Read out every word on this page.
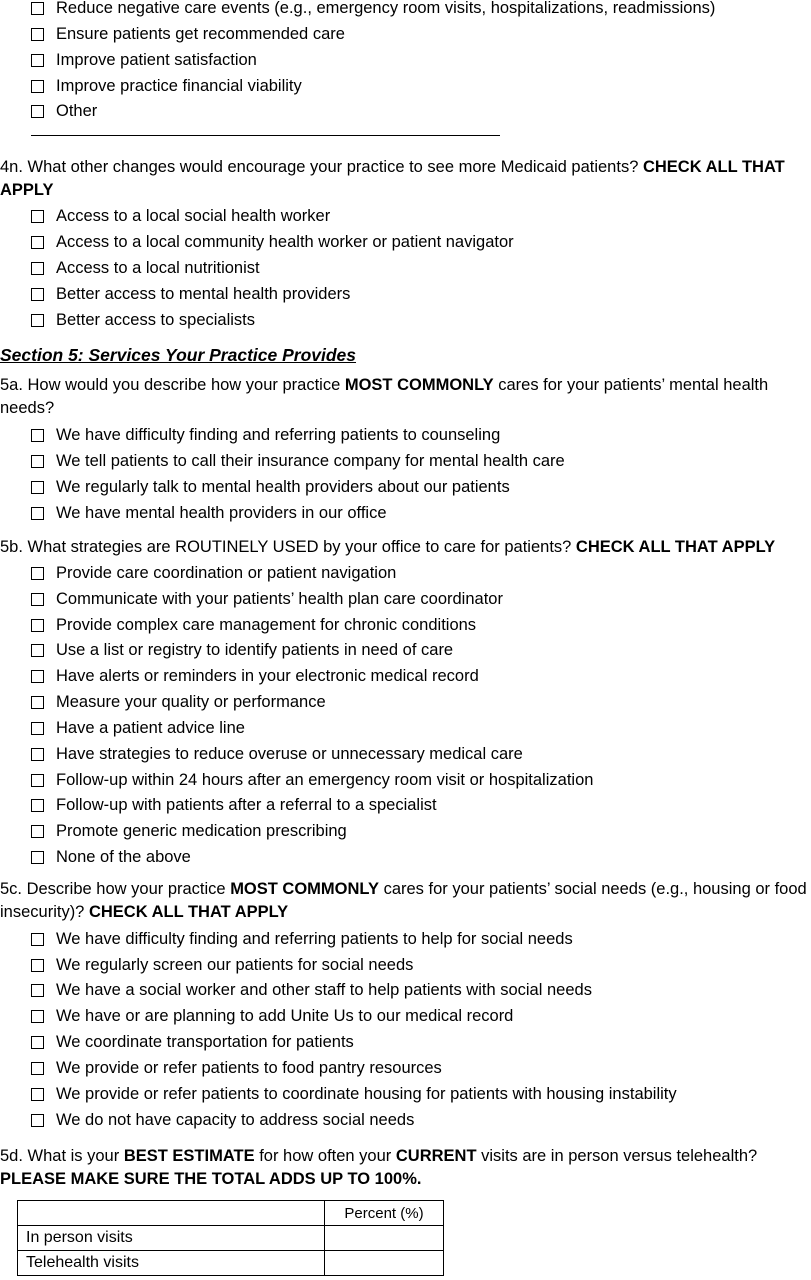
Reduce negative care events (e.g., emergency room visits, hospitalizations, readmissions)
Ensure patients get recommended care
Improve patient satisfaction
Improve practice financial viability
Other

4n. What other changes would encourage your practice to see more Medicaid patients? CHECK ALL THAT APPLY

Access to a local social health worker
Access to a local community health worker or patient navigator
Access to a local nutritionist
Better access to mental health providers
Better access to specialists
Section 5: Services Your Practice Provides

5a. How would you describe how your practice MOST COMMONLY cares for your patients’ mental health needs?

We have difficulty finding and referring patients to counseling
We tell patients to call their insurance company for mental health care
We regularly talk to mental health providers about our patients
We have mental health providers in our office

5b. What strategies are ROUTINELY USED by your office to care for patients? CHECK ALL THAT APPLY

Provide care coordination or patient navigation
Communicate with your patients’ health plan care coordinator
Provide complex care management for chronic conditions
Use a list or registry to identify patients in need of care
Have alerts or reminders in your electronic medical record
Measure your quality or performance
Have a patient advice line
Have strategies to reduce overuse or unnecessary medical care
Follow-up within 24 hours after an emergency room visit or hospitalization
Follow-up with patients after a referral to a specialist
Promote generic medication prescribing
None of the above

5c. Describe how your practice MOST COMMONLY cares for your patients’ social needs (e.g., housing or food insecurity)? CHECK ALL THAT APPLY

We have difficulty finding and referring patients to help for social needs
We regularly screen our patients for social needs
We have a social worker and other staff to help patients with social needs
We have or are planning to add Unite Us to our medical record
We coordinate transportation for patients
We provide or refer patients to food pantry resources
We provide or refer patients to coordinate housing for patients with housing instability
We do not have capacity to address social needs

5d. What is your BEST ESTIMATE for how often your CURRENT visits are in person versus telehealth? PLEASE MAKE SURE THE TOTAL ADDS UP TO 100%.

	Percent (%)
In person visits	
Telehealth visits	
